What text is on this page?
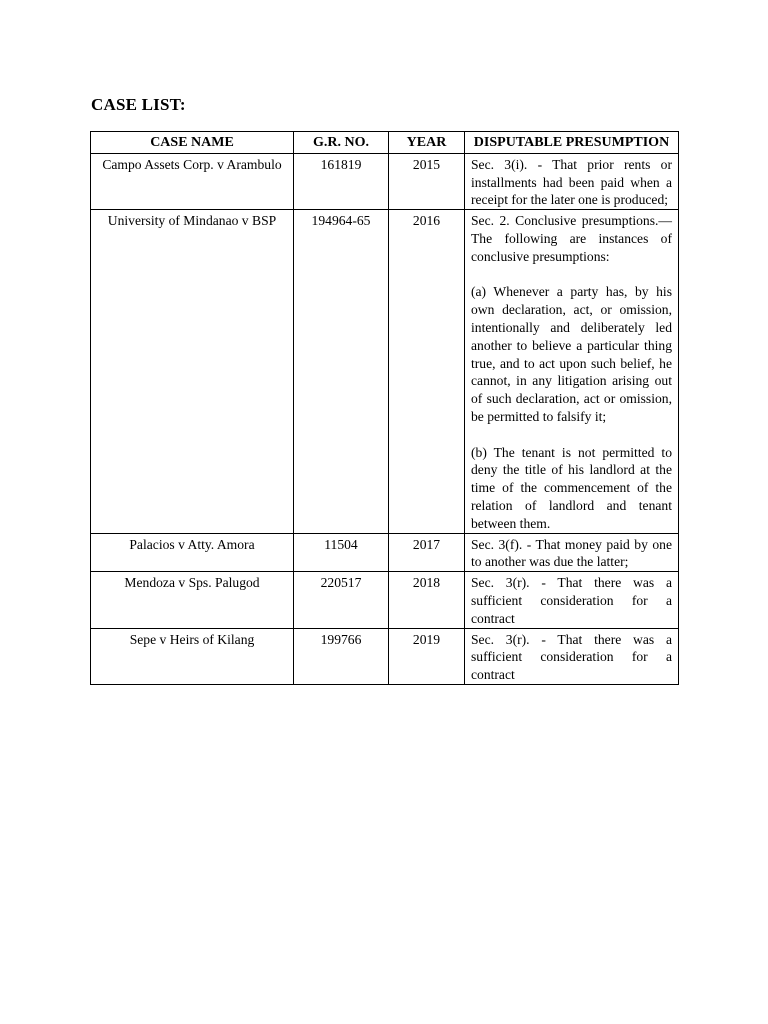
CASE LIST:
CASE NAME	G.R. NO.	YEAR	DISPUTABLE PRESUMPTION
Campo Assets Corp. v Arambulo	161819	2015	Sec. 3(i). - That prior rents or installments had been paid when a receipt for the later one is produced;

University of Mindanao v BSP	194964-65	2016	Sec. 2. Conclusive presumptions.— The following are instances of conclusive presumptions:
(a) Whenever a party has, by his own declaration, act, or omission, intentionally and deliberately led another to believe a particular thing true, and to act upon such belief, he cannot, in any litigation arising out of such declaration, act or omission, be permitted to falsify it;
(b) The tenant is not permitted to deny the title of his landlord at the time of the commencement of the relation of landlord and tenant between them.

Palacios v Atty. Amora	11504	2017	Sec. 3(f). - That money paid by one to another was due the latter;

Mendoza v Sps. Palugod	220517	2018	Sec. 3(r). - That there was a sufficient consideration for a contract

Sepe v Heirs of Kilang	199766	2019	Sec. 3(r). - That there was a sufficient consideration for a contract
